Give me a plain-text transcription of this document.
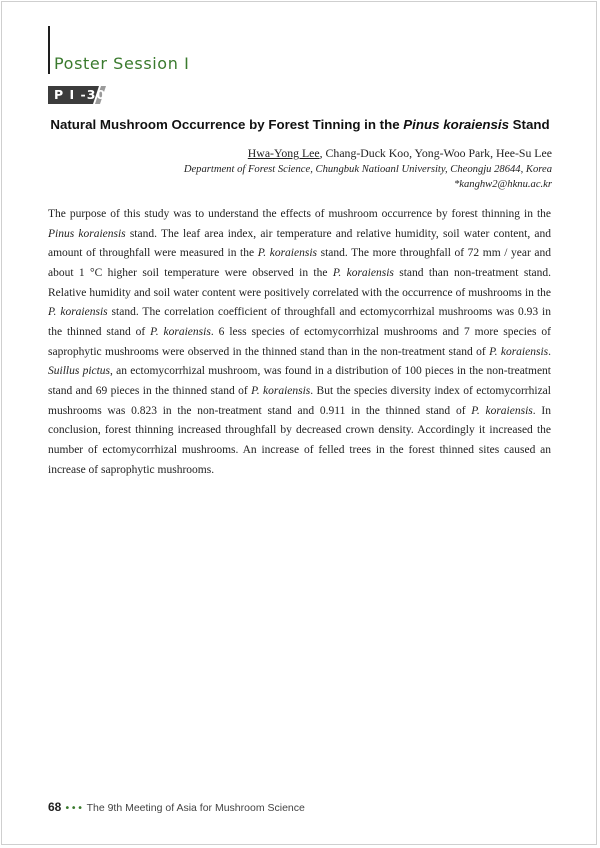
Poster Session I
P I -30
Natural Mushroom Occurrence by Forest Tinning in the Pinus koraiensis Stand
Hwa-Yong Lee, Chang-Duck Koo, Yong-Woo Park, Hee-Su Lee
Department of Forest Science, Chungbuk Natioanl University, Cheongju 28644, Korea
*kanghw2@hknu.ac.kr
The purpose of this study was to understand the effects of mushroom occurrence by forest thinning in the Pinus koraiensis stand. The leaf area index, air temperature and relative humidity, soil water content, and amount of throughfall were measured in the P. koraiensis stand. The more throughfall of 72 mm / year and about 1 °C higher soil temperature were observed in the P. koraiensis stand than non-treatment stand. Relative humidity and soil water content were positively correlated with the occurrence of mushrooms in the P. koraiensis stand. The correlation coefficient of throughfall and ectomycorrhizal mushrooms was 0.93 in the thinned stand of P. koraiensis. 6 less species of ectomycorrhizal mushrooms and 7 more species of saprophytic mushrooms were observed in the thinned stand than in the non-treatment stand of P. koraiensis. Suillus pictus, an ectomycorrhizal mushroom, was found in a distribution of 100 pieces in the non-treatment stand and 69 pieces in the thinned stand of P. koraiensis. But the species diversity index of ectomycorrhizal mushrooms was 0.823 in the non-treatment stand and 0.911 in the thinned stand of P. koraiensis. In conclusion, forest thinning increased throughfall by decreased crown density. Accordingly it increased the number of ectomycorrhizal mushrooms. An increase of felled trees in the forest thinned sites caused an increase of saprophytic mushrooms.
68 ••• The 9th Meeting of Asia for Mushroom Science
